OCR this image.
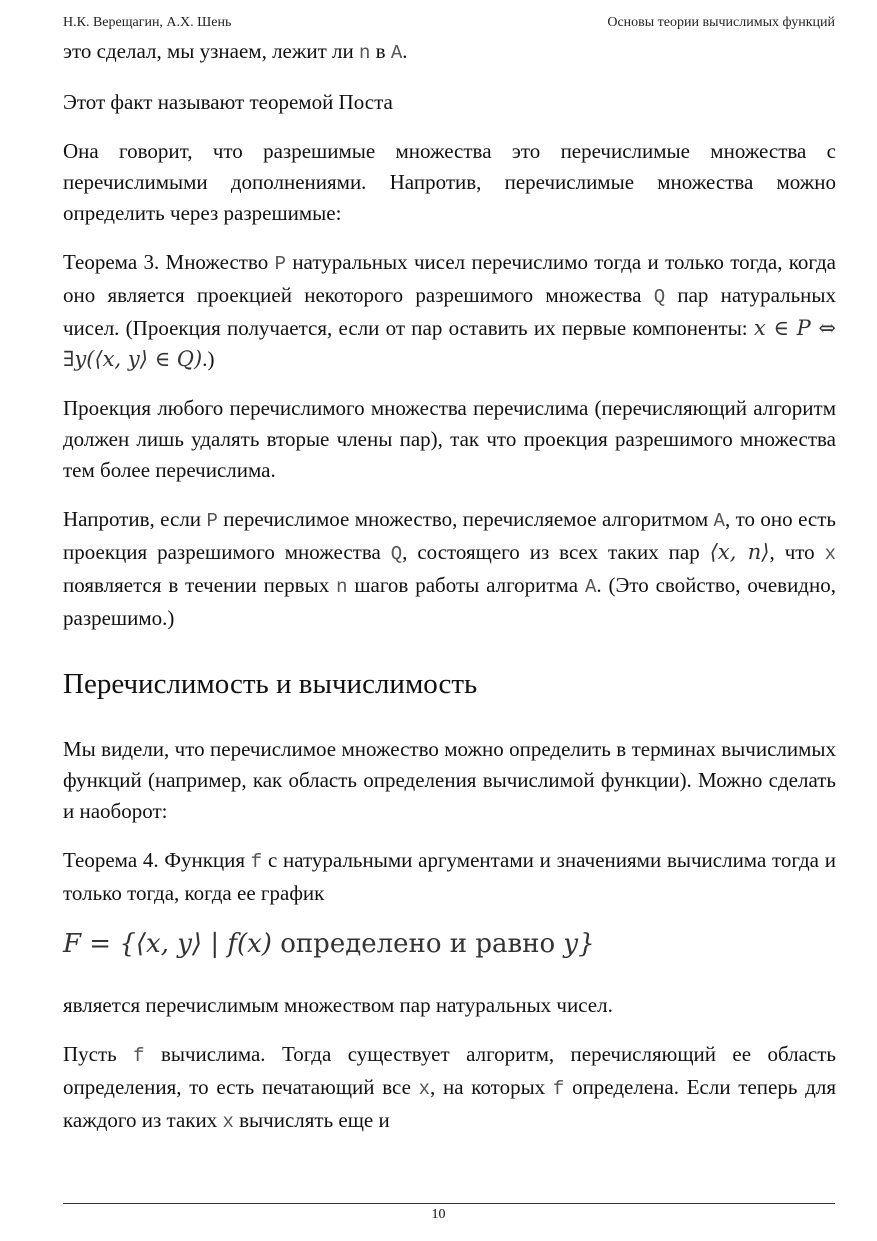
Н.К. Верещагин, А.Х. Шень	Основы теории вычислимых функций

это сделал, мы узнаем, лежит ли n в A.

Этот факт называют теоремой Поста

Она говорит, что разрешимые множества это перечислимые множества с перечислимыми дополнениями. Напротив, перечислимые множества можно определить через разрешимые:

Теорема 3. Множество P натуральных чисел перечислимо тогда и только тогда, когда оно является проекцией некоторого разрешимого множества Q пар натуральных чисел. (Проекция получается, если от пар оставить их первые компоненты: x ∈ P ⇔ ∃y(⟨x, y⟩ ∈ Q).)

Проекция любого перечислимого множества перечислима (перечисляющий алгоритм должен лишь удалять вторые члены пар), так что проекция разрешимого множества тем более перечислима.

Напротив, если P перечислимое множество, перечисляемое алгоритмом A, то оно есть проекция разрешимого множества Q, состоящего из всех таких пар ⟨x, n⟩, что x появляется в течении первых n шагов работы алгоритма A. (Это свойство, очевидно, разрешимо.)

Перечислимость и вычислимость

Мы видели, что перечислимое множество можно определить в терминах вычислимых функций (например, как область определения вычислимой функции). Можно сделать и наоборот:

Теорема 4. Функция f с натуральными аргументами и значениями вычислима тогда и только тогда, когда ее график

F = {⟨x, y⟩ | f(x) определено и равно y}

является перечислимым множеством пар натуральных чисел.

Пусть f вычислима. Тогда существует алгоритм, перечисляющий ее область определения, то есть печатающий все x, на которых f определена. Если теперь для каждого из таких x вычислять еще и

10
